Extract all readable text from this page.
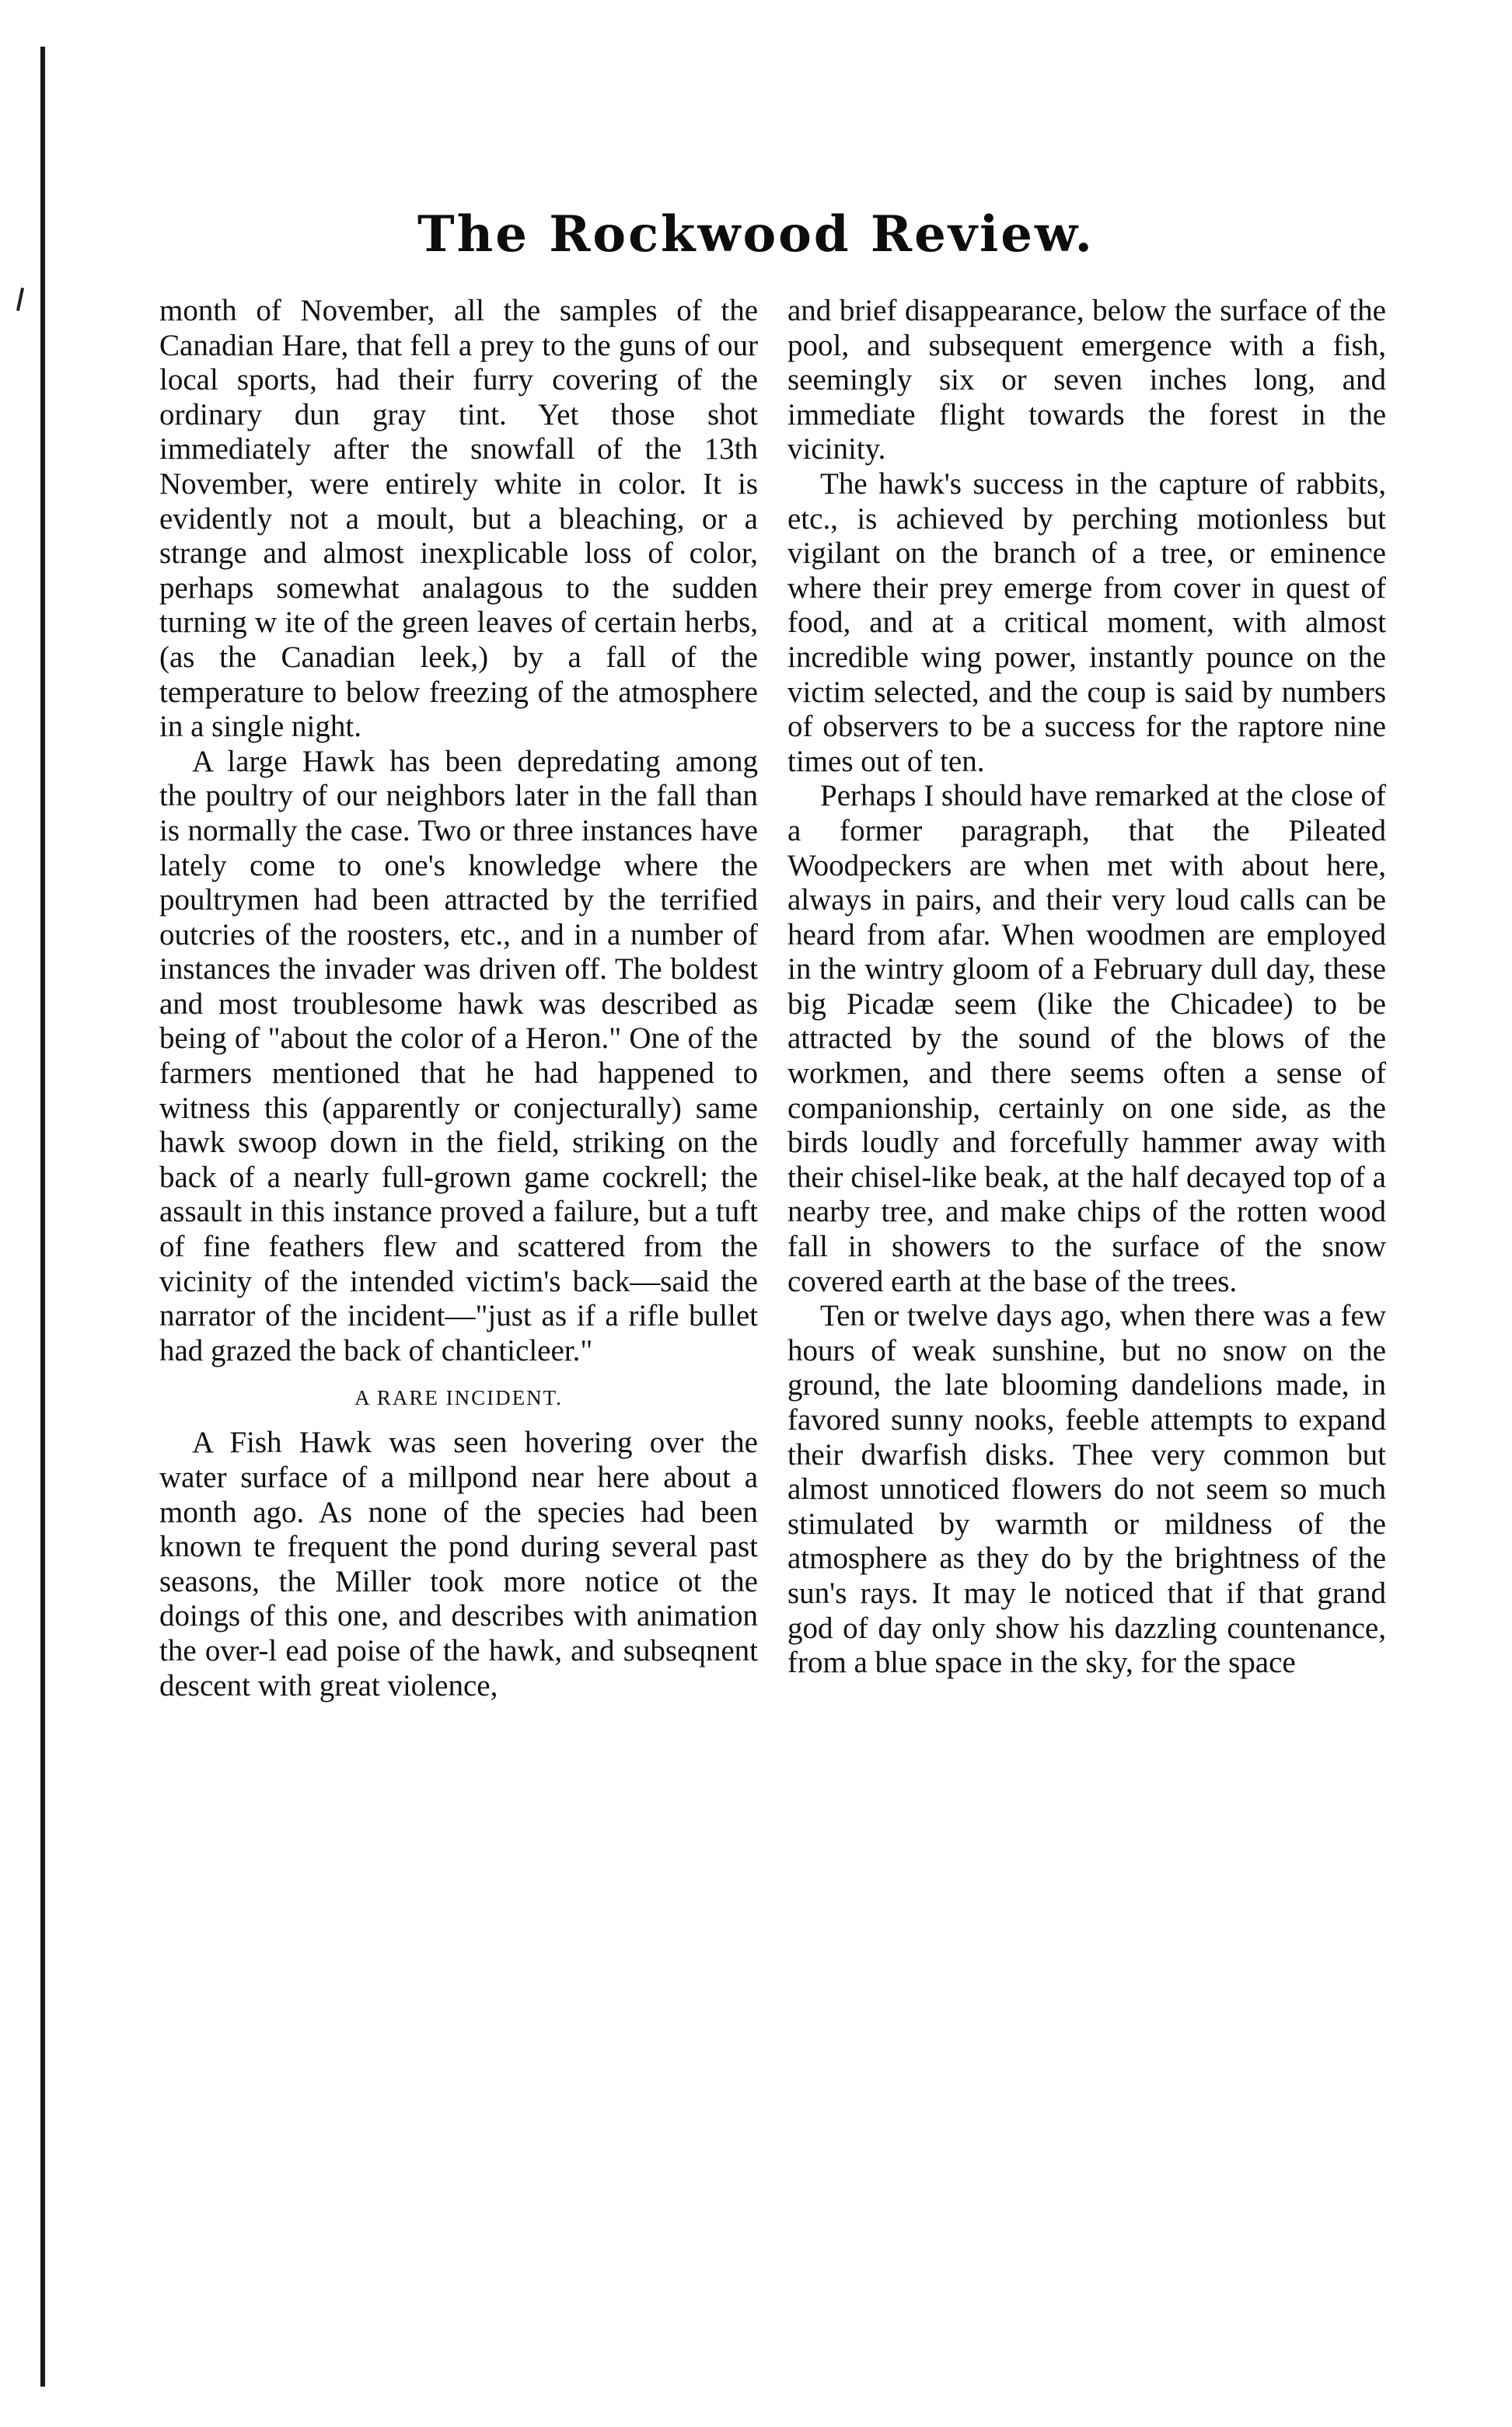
The Rockwood Review.

month of November, all the samples of the Canadian Hare, that fell a prey to the guns of our local sports, had their furry covering of the ordinary dun gray tint. Yet those shot immediately after the snowfall of the 13th November, were entirely white in color. It is evidently not a moult, but a bleaching, or a strange and almost inexplicable loss of color, perhaps somewhat analagous to the sudden turning w ite of the green leaves of certain herbs, (as the Canadian leek,) by a fall of the temperature to below freezing of the atmosphere in a single night.

A large Hawk has been depredating among the poultry of our neighbors later in the fall than is normally the case. Two or three instances have lately come to one's knowledge where the poultrymen had been attracted by the terrified outcries of the roosters, etc., and in a number of instances the invader was driven off. The boldest and most troublesome hawk was described as being of "about the color of a Heron." One of the farmers mentioned that he had happened to witness this (apparently or conjecturally) same hawk swoop down in the field, striking on the back of a nearly full-grown game cockrell; the assault in this instance proved a failure, but a tuft of fine feathers flew and scattered from the vicinity of the intended victim's back—said the narrator of the incident—"just as if a rifle bullet had grazed the back of chanticleer."

A RARE INCIDENT.

A Fish Hawk was seen hovering over the water surface of a millpond near here about a month ago. As none of the species had been known te frequent the pond during several past seasons, the Miller took more notice ot the doings of this one, and describes with animation the over-l ead poise of the hawk, and subseqnent descent with great violence,

and brief disappearance, below the surface of the pool, and subsequent emergence with a fish, seemingly six or seven inches long, and immediate flight towards the forest in the vicinity.

The hawk's success in the capture of rabbits, etc., is achieved by perching motionless but vigilant on the branch of a tree, or eminence where their prey emerge from cover in quest of food, and at a critical moment, with almost incredible wing power, instantly pounce on the victim selected, and the coup is said by numbers of observers to be a success for the raptore nine times out of ten.

Perhaps I should have remarked at the close of a former paragraph, that the Pileated Woodpeckers are when met with about here, always in pairs, and their very loud calls can be heard from afar. When woodmen are employed in the wintry gloom of a February dull day, these big Picadæ seem (like the Chicadee) to be attracted by the sound of the blows of the workmen, and there seems often a sense of companionship, certainly on one side, as the birds loudly and forcefully hammer away with their chisel-like beak, at the half decayed top of a nearby tree, and make chips of the rotten wood fall in showers to the surface of the snow covered earth at the base of the trees.

Ten or twelve days ago, when there was a few hours of weak sunshine, but no snow on the ground, the late blooming dandelions made, in favored sunny nooks, feeble attempts to expand their dwarfish disks. Thee very common but almost unnoticed flowers do not seem so much stimulated by warmth or mildness of the atmosphere as they do by the brightness of the sun's rays. It may le noticed that if that grand god of day only show his dazzling countenance, from a blue space in the sky, for the space
